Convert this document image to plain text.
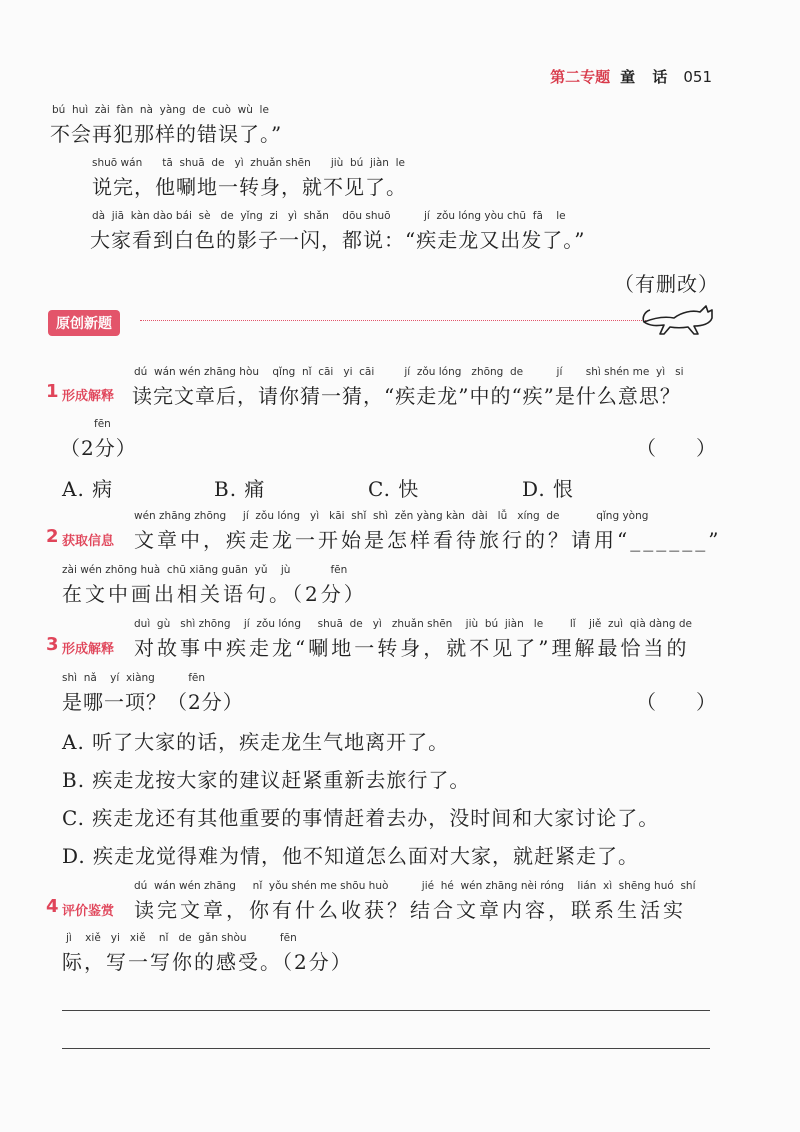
第二专题 童 话 051
bú  huì  zài  fàn  nà  yàng  de  cuò  wù  le
不会再犯那样的错误了。”
shuō wán      tā  shuā  de   yì  zhuǎn shēn      jiù  bú  jiàn  le
说完，他唰地一转身，就不见了。
dà  jiā  kàn dào bái  sè   de  yǐng  zi   yì  shǎn    dōu shuō          jí  zǒu lóng yòu chū  fā    le
大家看到白色的影子一闪，都说：“疾走龙又出发了。”
（有删改）
原创新题
dú  wán wén zhāng hòu    qǐng  nǐ  cāi   yi  cāi         jí  zǒu lóng   zhōng  de          jí       shì shén me  yì   si
1 形成解释 读完文章后，请你猜一猜，“疾走龙”中的“疾”是什么意思？
fēn
（2分）	（　　）
A. 病	B. 痛	C. 快	D. 恨
wén zhāng zhōng     jí  zǒu lóng   yì   kāi  shǐ  shì  zěn yàng kàn  dài   lǚ   xíng  de           qǐng yòng
2 获取信息 文章中，疾走龙一开始是怎样看待旅行的？请用“______”
zài wén zhōng huà  chū xiāng guān  yǔ    jù            fēn
在文中画出相关语句。（2分）
duì  gù   shì zhōng    jí  zǒu lóng     shuā  de   yì   zhuǎn shēn    jiù  bú  jiàn   le        lǐ    jiě  zuì  qià dàng de
3 形成解释 对故事中疾走龙“唰地一转身，就不见了”理解最恰当的
shì  nǎ    yí  xiàng          fēn
是哪一项？（2分）	（　　）
A. 听了大家的话，疾走龙生气地离开了。
B. 疾走龙按大家的建议赶紧重新去旅行了。
C. 疾走龙还有其他重要的事情赶着去办，没时间和大家讨论了。
D. 疾走龙觉得难为情，他不知道怎么面对大家，就赶紧走了。
dú  wán wén zhāng     nǐ  yǒu shén me shōu huò          jié  hé  wén zhāng nèi róng    lián  xì  shēng huó  shí
4 评价鉴赏 读完文章，你有什么收获？结合文章内容，联系生活实
jì    xiě   yi   xiě    nǐ   de  gǎn shòu          fēn
际，写一写你的感受。（2分）
